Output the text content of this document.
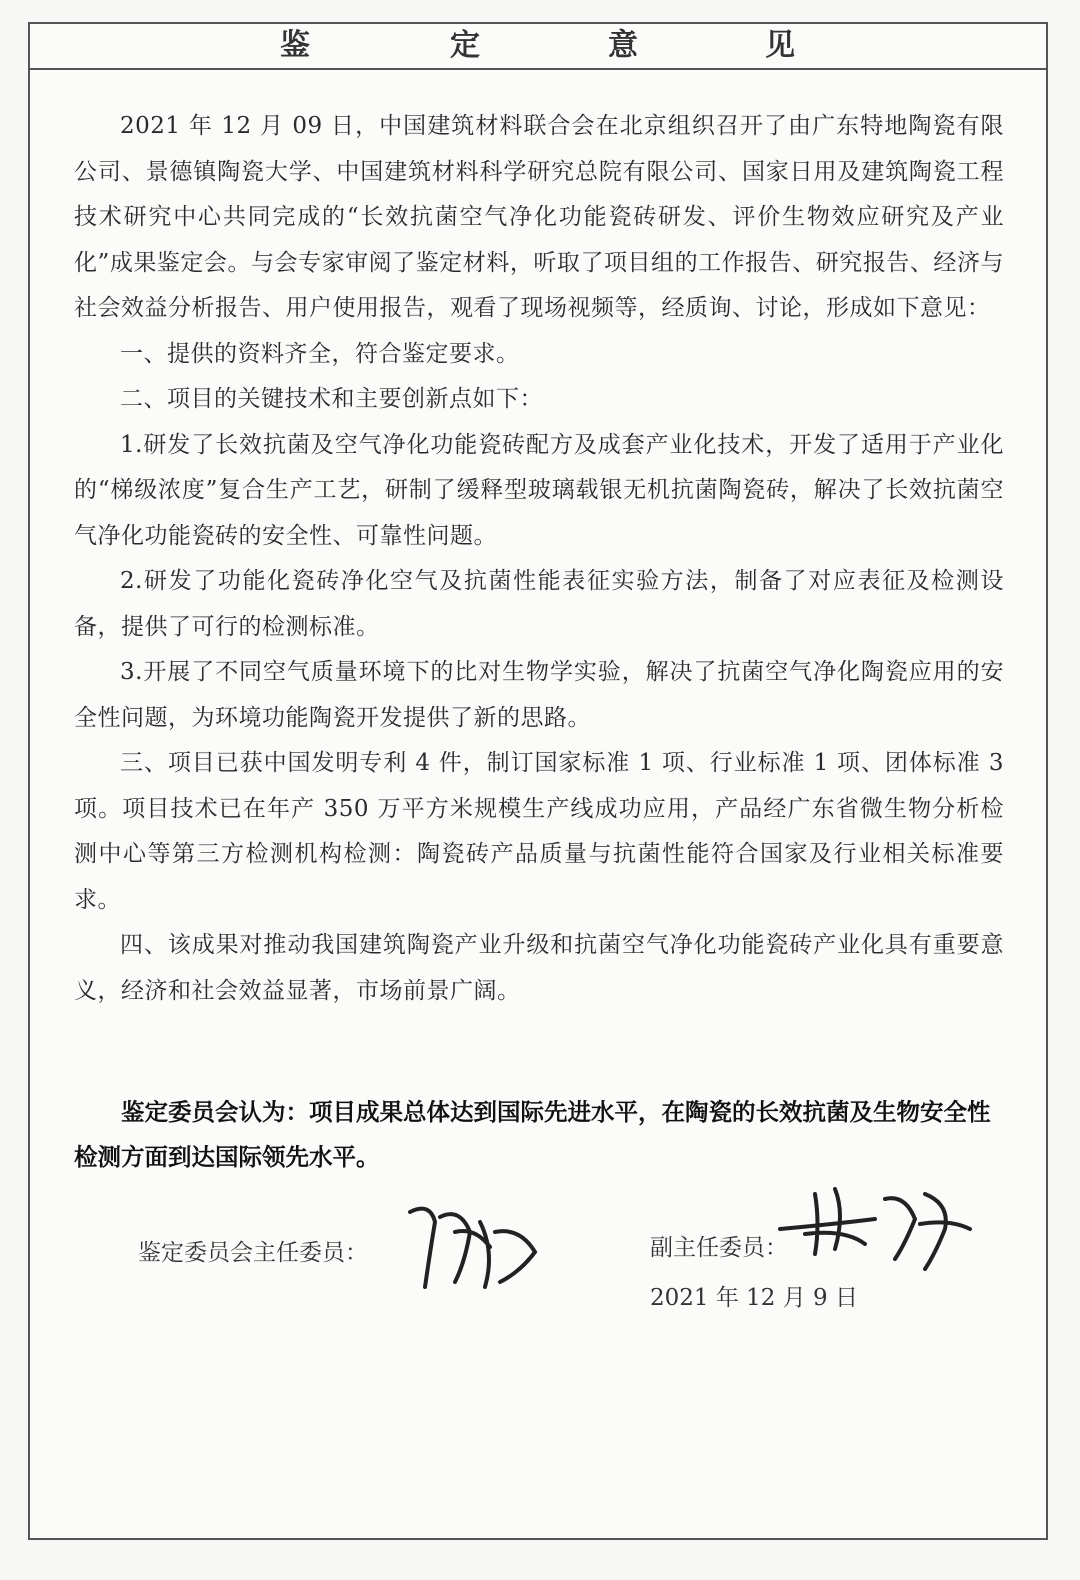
鉴	定	意	见

2021 年 12 月 09 日，中国建筑材料联合会在北京组织召开了由广东特地陶瓷有限公司、景德镇陶瓷大学、中国建筑材料科学研究总院有限公司、国家日用及建筑陶瓷工程技术研究中心共同完成的“长效抗菌空气净化功能瓷砖研发、评价生物效应研究及产业化”成果鉴定会。与会专家审阅了鉴定材料，听取了项目组的工作报告、研究报告、经济与社会效益分析报告、用户使用报告，观看了现场视频等，经质询、讨论，形成如下意见：

一、提供的资料齐全，符合鉴定要求。

二、项目的关键技术和主要创新点如下：

1.研发了长效抗菌及空气净化功能瓷砖配方及成套产业化技术，开发了适用于产业化的“梯级浓度”复合生产工艺，研制了缓释型玻璃载银无机抗菌陶瓷砖，解决了长效抗菌空气净化功能瓷砖的安全性、可靠性问题。

2.研发了功能化瓷砖净化空气及抗菌性能表征实验方法，制备了对应表征及检测设备，提供了可行的检测标准。

3.开展了不同空气质量环境下的比对生物学实验，解决了抗菌空气净化陶瓷应用的安全性问题，为环境功能陶瓷开发提供了新的思路。

三、项目已获中国发明专利 4 件，制订国家标准 1 项、行业标准 1 项、团体标准 3 项。项目技术已在年产 350 万平方米规模生产线成功应用，产品经广东省微生物分析检测中心等第三方检测机构检测：陶瓷砖产品质量与抗菌性能符合国家及行业相关标准要求。

四、该成果对推动我国建筑陶瓷产业升级和抗菌空气净化功能瓷砖产业化具有重要意义，经济和社会效益显著，市场前景广阔。

鉴定委员会认为：项目成果总体达到国际先进水平，在陶瓷的长效抗菌及生物安全性检测方面到达国际领先水平。

鉴定委员会主任委员：	副主任委员：
2021 年 12 月 9 日
